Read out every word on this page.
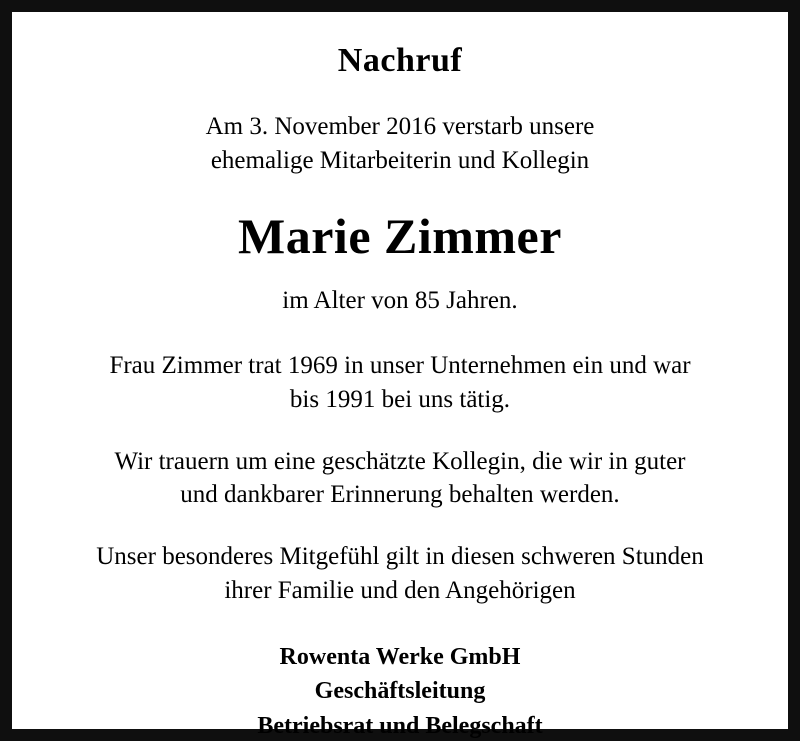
Nachruf
Am 3. November 2016 verstarb unsere
ehemalige Mitarbeiterin und Kollegin
Marie Zimmer
im Alter von 85 Jahren.
Frau Zimmer trat 1969 in unser Unternehmen ein und war
bis 1991 bei uns tätig.
Wir trauern um eine geschätzte Kollegin, die wir in guter
und dankbarer Erinnerung behalten werden.
Unser besonderes Mitgefühl gilt in diesen schweren Stunden
ihrer Familie und den Angehörigen
Rowenta Werke GmbH
Geschäftsleitung
Betriebsrat und Belegschaft
